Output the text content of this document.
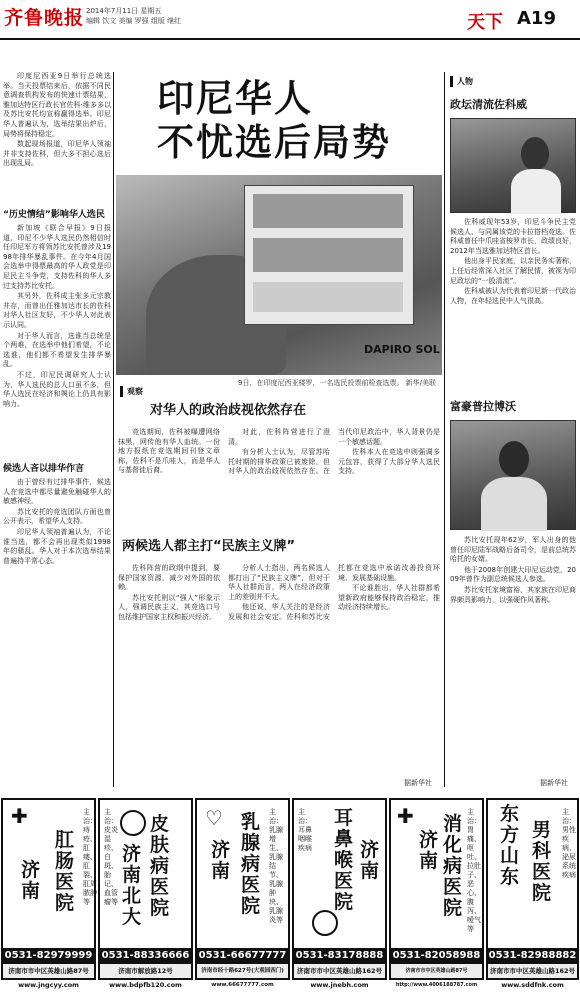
齐鲁晚报 2014年7月11日 星期五
编辑 饮文 美编 罗强 组版 继红	天下 A19

印度尼西亚9日举行总统选举。当天投票结束后，依据不同民意调查机构发布的快速计票结果，雅加达特区行政长官佐科·维多多以及苏比安托均宣称赢得选举。印尼华人普遍认为，选举结果出炉后，局势将保持稳定。

数起现场报道，印尼华人领袖并非支持佐科，但大多不担心选后出现乱局。

印尼华人
不忧选后局势
“历史情结”影响华人选民

新加坡《联合早报》9日报道，印尼不少华人选民仍然相信时任印尼军方将领苏比安托曾涉及1998年排华暴乱事件。在今年4月国会选举中得票最高的华人政党是印尼民主斗争党，支持佐科的华人多过支持苏比安托。

其另外，佐科成主张多元宗教并存，而曾出任雅加达市长的佐科对华人社区友好，不少华人对此表示认同。

对于华人而言，选谁当总统是个两难，在选举中他们希望，不论选谁，他们都不希望发生排华暴乱。

不过，印尼民调研究人士认为，华人选民的总人口虽不多，但华人选民在经济和舆论上仍具有影响力。

候选人吝以排华作言

由于曾经有过排华事件，候选人在竞选中都尽量避免触碰华人的敏感神经。

苏比安托的竞选团队方面也曾公开表示，希望华人支持。

印尼华人领袖普遍认为，不论谁当选，都不会再出现类似1998年的骚乱。华人对于本次选举结果普遍持平常心态。

DAPIRO SOL
9日，在印度尼西亚楼罗，一名选民投票前检查选票。 新华/美联
观察
对华人的政治歧视依然存在

竞选期间，佐科被曝遭网络抹黑，网传他有华人血统。一份地方报纸在竞选期间刊登文章称，佐科不是爪哇人，而是华人与基督徒后裔。

对此，佐科阵营进行了澄清。

有分析人士认为，尽管苏哈托时期的排华政策已被废除，但对华人的政治歧视依然存在。在当代印尼政治中，华人背景仍是一个敏感话题。

佐科本人在竞选中则强调多元包容，获得了大部分华人选民支持。

两候选人都主打“民族主义牌”

佐科阵营的政纲中提到，要保护国家资源，减少对外国的依赖。

苏比安托则以“强人”形象示人，强调民族主义，其竞选口号包括维护国家主权和振兴经济。

分析人士指出，两名候选人都打出了“民族主义牌”，但对于华人社群而言，两人在经济政策上的差别并不大。

他还说，华人关注的是经济发展和社会安定。佐科和苏比安托都在竞选中承诺改善投资环境、发展基础设施。

不论谁胜出，华人社群都希望新政府能够保持政治稳定，推动经济持续增长。

据新华社
人物
政坛清流佐科威

佐科威现年53岁，印尼斗争民主党候选人，与同属该党的卡拉搭档竞选。佐科威曾任中爪哇省梭罗市长，政绩良好，2012年当选雅加达特区首长。

他出身平民家庭，以亲民务实著称，上任后经常深入社区了解民情，被视为印尼政坛的“一股清流”。

佐科威被认为代表着印尼新一代政治人物，在年轻选民中人气很高。

富豪普拉博沃

苏比安托现年62岁，军人出身的他曾任印尼陆军战略后备司令，是前总统苏哈托的女婿。

他于2008年创建大印尼运动党，2009年曾作为副总统候选人参选。

苏比安托家境富裕，其家族在印尼商界颇具影响力，以强硬作风著称。

据新华社
主治：痔疮、肛瘘、肛裂、肛周脓肿等
✚
肛肠医院
济南
0531-82979999
济南市市中区英雄山路87号 www.jngcyy.com
主治：皮炎湿疹、白斑、胎记、血管瘤等
皮肤病医院
济南北大
0531-88336666
济南市解放路12号 www.bdpfb120.com
主治：乳腺增生、乳腺结节、乳腺肿块、乳腺炎等
♡ 乳腺病医院
济南
0531-66677777
济南市经十路627号(大观园西门) www.66677777.com
主治：耳鼻咽喉疾病
耳鼻喉医院
济南
0531-83178888
济南市市中区英雄山路162号 www.jnebh.com
主治：胃痛、呕吐、拉肚子、恶心、腹泻、嗳气等
✚ 消化病医院
济南
0531-82058988
济南市市中区英雄山路87号 http://www.4006188787.com
主治：男性疾病、泌尿系统疾病
男科医院
东方山东
0531-82988882
济南市市中区英雄山路162号 www.sddfnk.com
